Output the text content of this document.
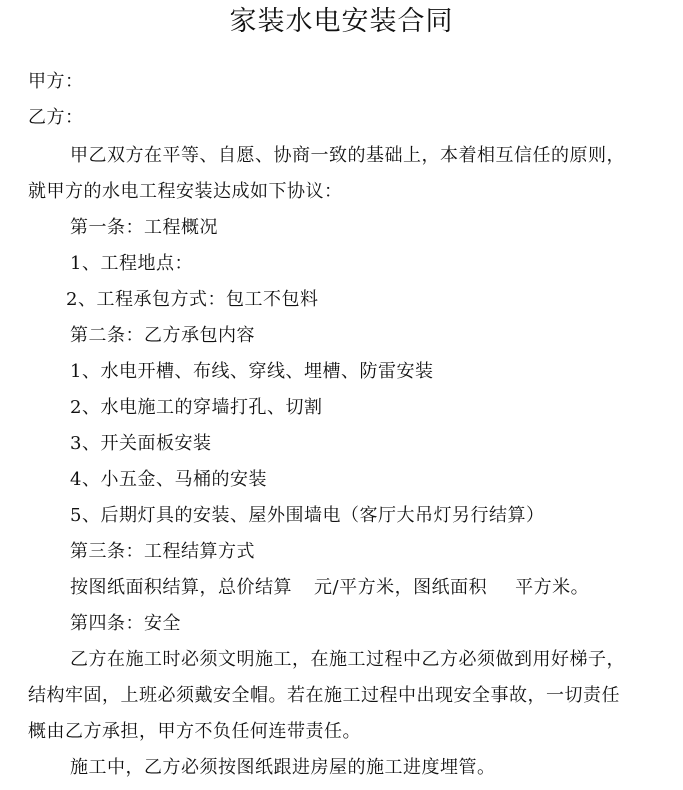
家装水电安装合同
甲方：
乙方：
甲乙双方在平等、自愿、协商一致的基础上，本着相互信任的原则，
就甲方的水电工程安装达成如下协议：
第一条：工程概况
1、工程地点：
2、工程承包方式：包工不包料
第二条：乙方承包内容
1、水电开槽、布线、穿线、埋槽、防雷安装
2、水电施工的穿墙打孔、切割
3、开关面板安装
4、小五金、马桶的安装
5、后期灯具的安装、屋外围墙电（客厅大吊灯另行结算）
第三条：工程结算方式
按图纸面积结算，总价结算 元/平方米，图纸面积 平方米。
第四条：安全
乙方在施工时必须文明施工，在施工过程中乙方必须做到用好梯子，
结构牢固，上班必须戴安全帽。若在施工过程中出现安全事故，一切责任
概由乙方承担，甲方不负任何连带责任。
施工中，乙方必须按图纸跟进房屋的施工进度埋管。
